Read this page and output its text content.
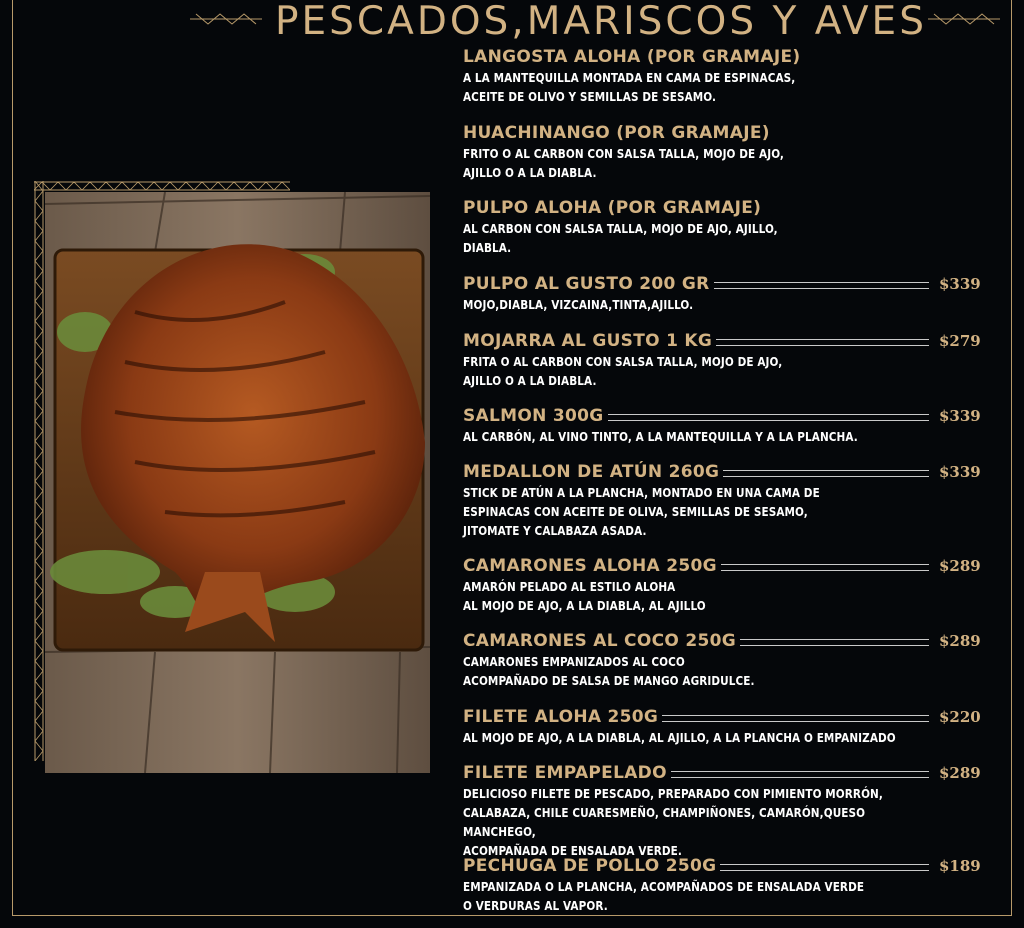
PESCADOS,MARISCOS Y AVES
LANGOSTA ALOHA (POR GRAMAJE)
A LA MANTEQUILLA MONTADA EN CAMA DE ESPINACAS,
ACEITE DE OLIVO Y SEMILLAS DE SESAMO.
HUACHINANGO (POR GRAMAJE)
FRITO O AL CARBON CON SALSA TALLA, MOJO DE AJO,
AJILLO O A LA DIABLA.
PULPO ALOHA (POR GRAMAJE)
AL CARBON CON SALSA TALLA, MOJO DE AJO, AJILLO,
DIABLA.
PULPO AL GUSTO 200 GR	$339
MOJO,DIABLA, VIZCAINA,TINTA,AJILLO.
MOJARRA AL GUSTO 1 KG	$279
FRITA O AL CARBON CON SALSA TALLA, MOJO DE AJO,
AJILLO O A LA DIABLA.
SALMON 300G	$339
AL CARBÓN, AL VINO TINTO, A LA MANTEQUILLA Y A LA PLANCHA.
MEDALLON DE ATÚN 260G	$339
STICK DE ATÚN A LA PLANCHA, MONTADO EN UNA CAMA DE
ESPINACAS CON ACEITE DE OLIVA, SEMILLAS DE SESAMO,
JITOMATE Y CALABAZA ASADA.
CAMARONES ALOHA 250G	$289
AMARÓN PELADO AL ESTILO ALOHA
AL MOJO DE AJO, A LA DIABLA, AL AJILLO
CAMARONES AL COCO 250G	$289
CAMARONES EMPANIZADOS AL COCO
ACOMPAÑADO DE SALSA DE MANGO AGRIDULCE.
FILETE ALOHA 250G	$220
AL MOJO DE AJO, A LA DIABLA, AL AJILLO, A LA PLANCHA O EMPANIZADO
FILETE EMPAPELADO	$289
DELICIOSO FILETE DE PESCADO, PREPARADO CON PIMIENTO MORRÓN,
CALABAZA, CHILE CUARESMEÑO, CHAMPIÑONES, CAMARÓN,QUESO MANCHEGO,
ACOMPAÑADA DE ENSALADA VERDE.
PECHUGA DE POLLO 250G	$189
EMPANIZADA O LA PLANCHA, ACOMPAÑADOS DE ENSALADA VERDE
O VERDURAS AL VAPOR.
